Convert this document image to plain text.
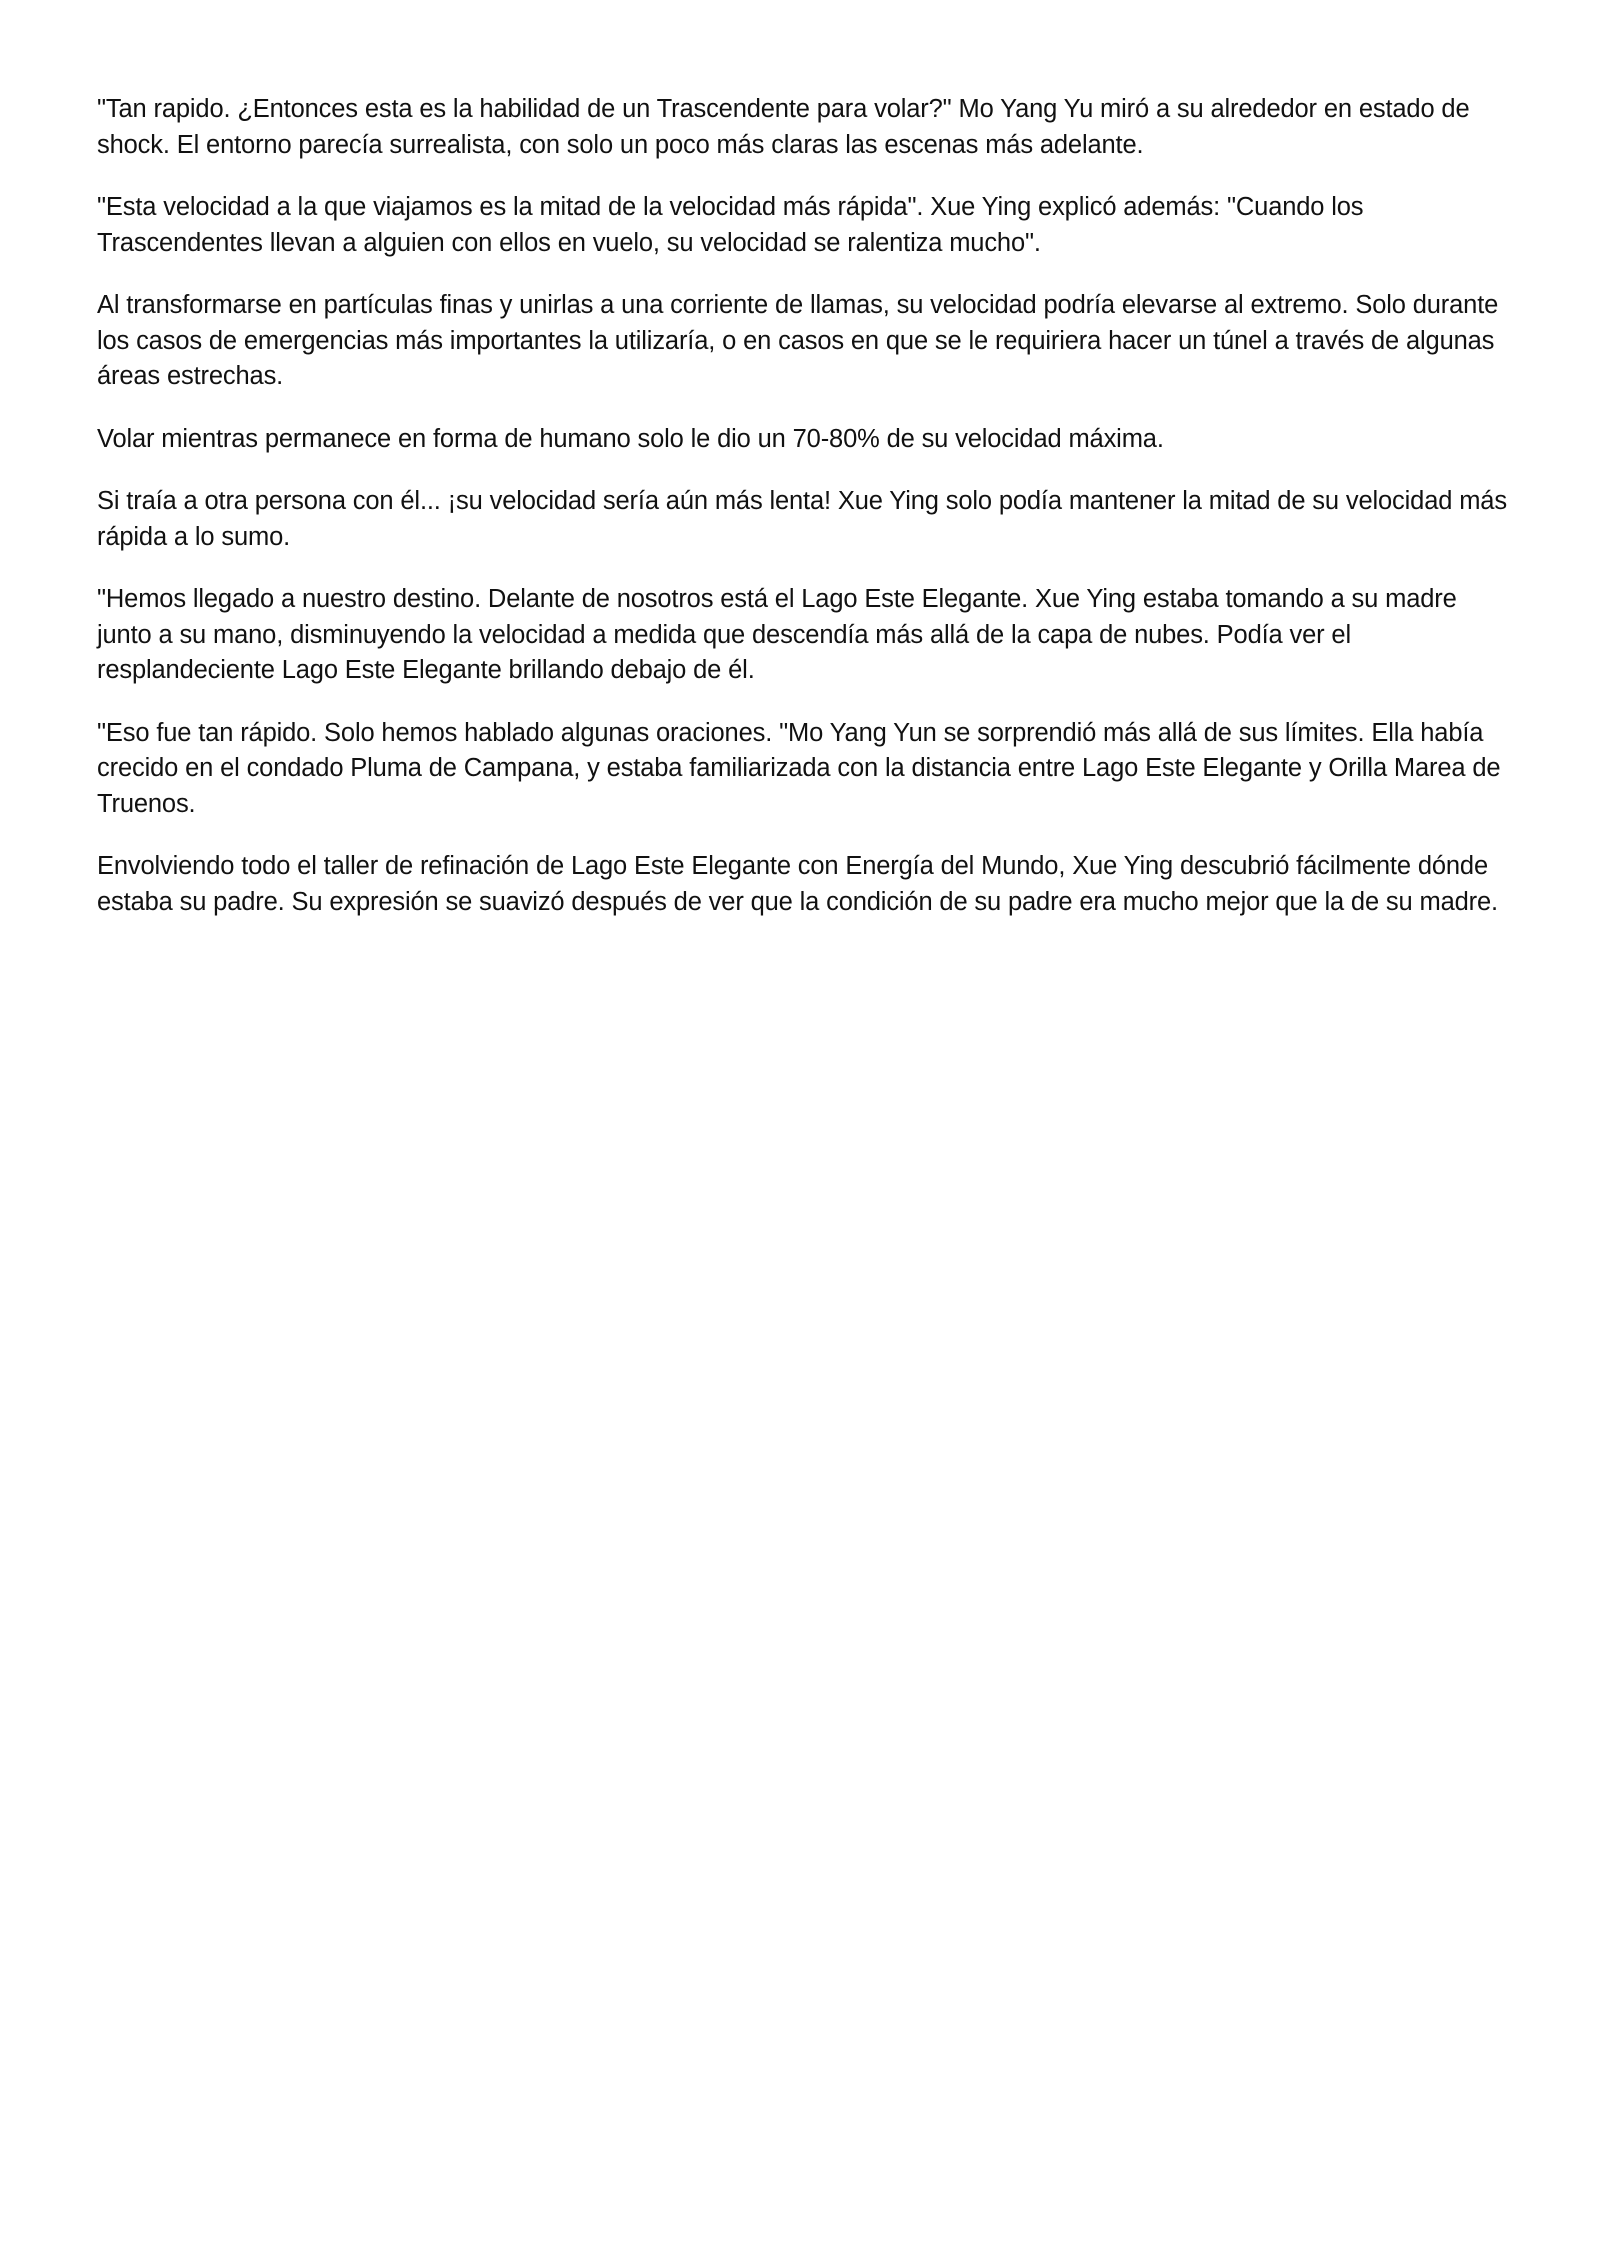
"Tan rapido. ¿Entonces esta es la habilidad de un Trascendente para volar?" Mo Yang Yu miró a su alrededor en estado de shock. El entorno parecía surrealista, con solo un poco más claras las escenas más adelante.

"Esta velocidad a la que viajamos es la mitad de la velocidad más rápida". Xue Ying explicó además: "Cuando los Trascendentes llevan a alguien con ellos en vuelo, su velocidad se ralentiza mucho".

Al transformarse en partículas finas y unirlas a una corriente de llamas, su velocidad podría elevarse al extremo. Solo durante los casos de emergencias más importantes la utilizaría, o en casos en que se le requiriera hacer un túnel a través de algunas áreas estrechas.

Volar mientras permanece en forma de humano solo le dio un 70-80% de su velocidad máxima.

Si traía a otra persona con él... ¡su velocidad sería aún más lenta! Xue Ying solo podía mantener la mitad de su velocidad más rápida a lo sumo.

"Hemos llegado a nuestro destino. Delante de nosotros está el Lago Este Elegante. Xue Ying estaba tomando a su madre junto a su mano, disminuyendo la velocidad a medida que descendía más allá de la capa de nubes. Podía ver el resplandeciente Lago Este Elegante brillando debajo de él.

"Eso fue tan rápido. Solo hemos hablado algunas oraciones. "Mo Yang Yun se sorprendió más allá de sus límites. Ella había crecido en el condado Pluma de Campana, y estaba familiarizada con la distancia entre Lago Este Elegante y Orilla Marea de Truenos.

Envolviendo todo el taller de refinación de Lago Este Elegante con Energía del Mundo, Xue Ying descubrió fácilmente dónde estaba su padre. Su expresión se suavizó después de ver que la condición de su padre era mucho mejor que la de su madre.
